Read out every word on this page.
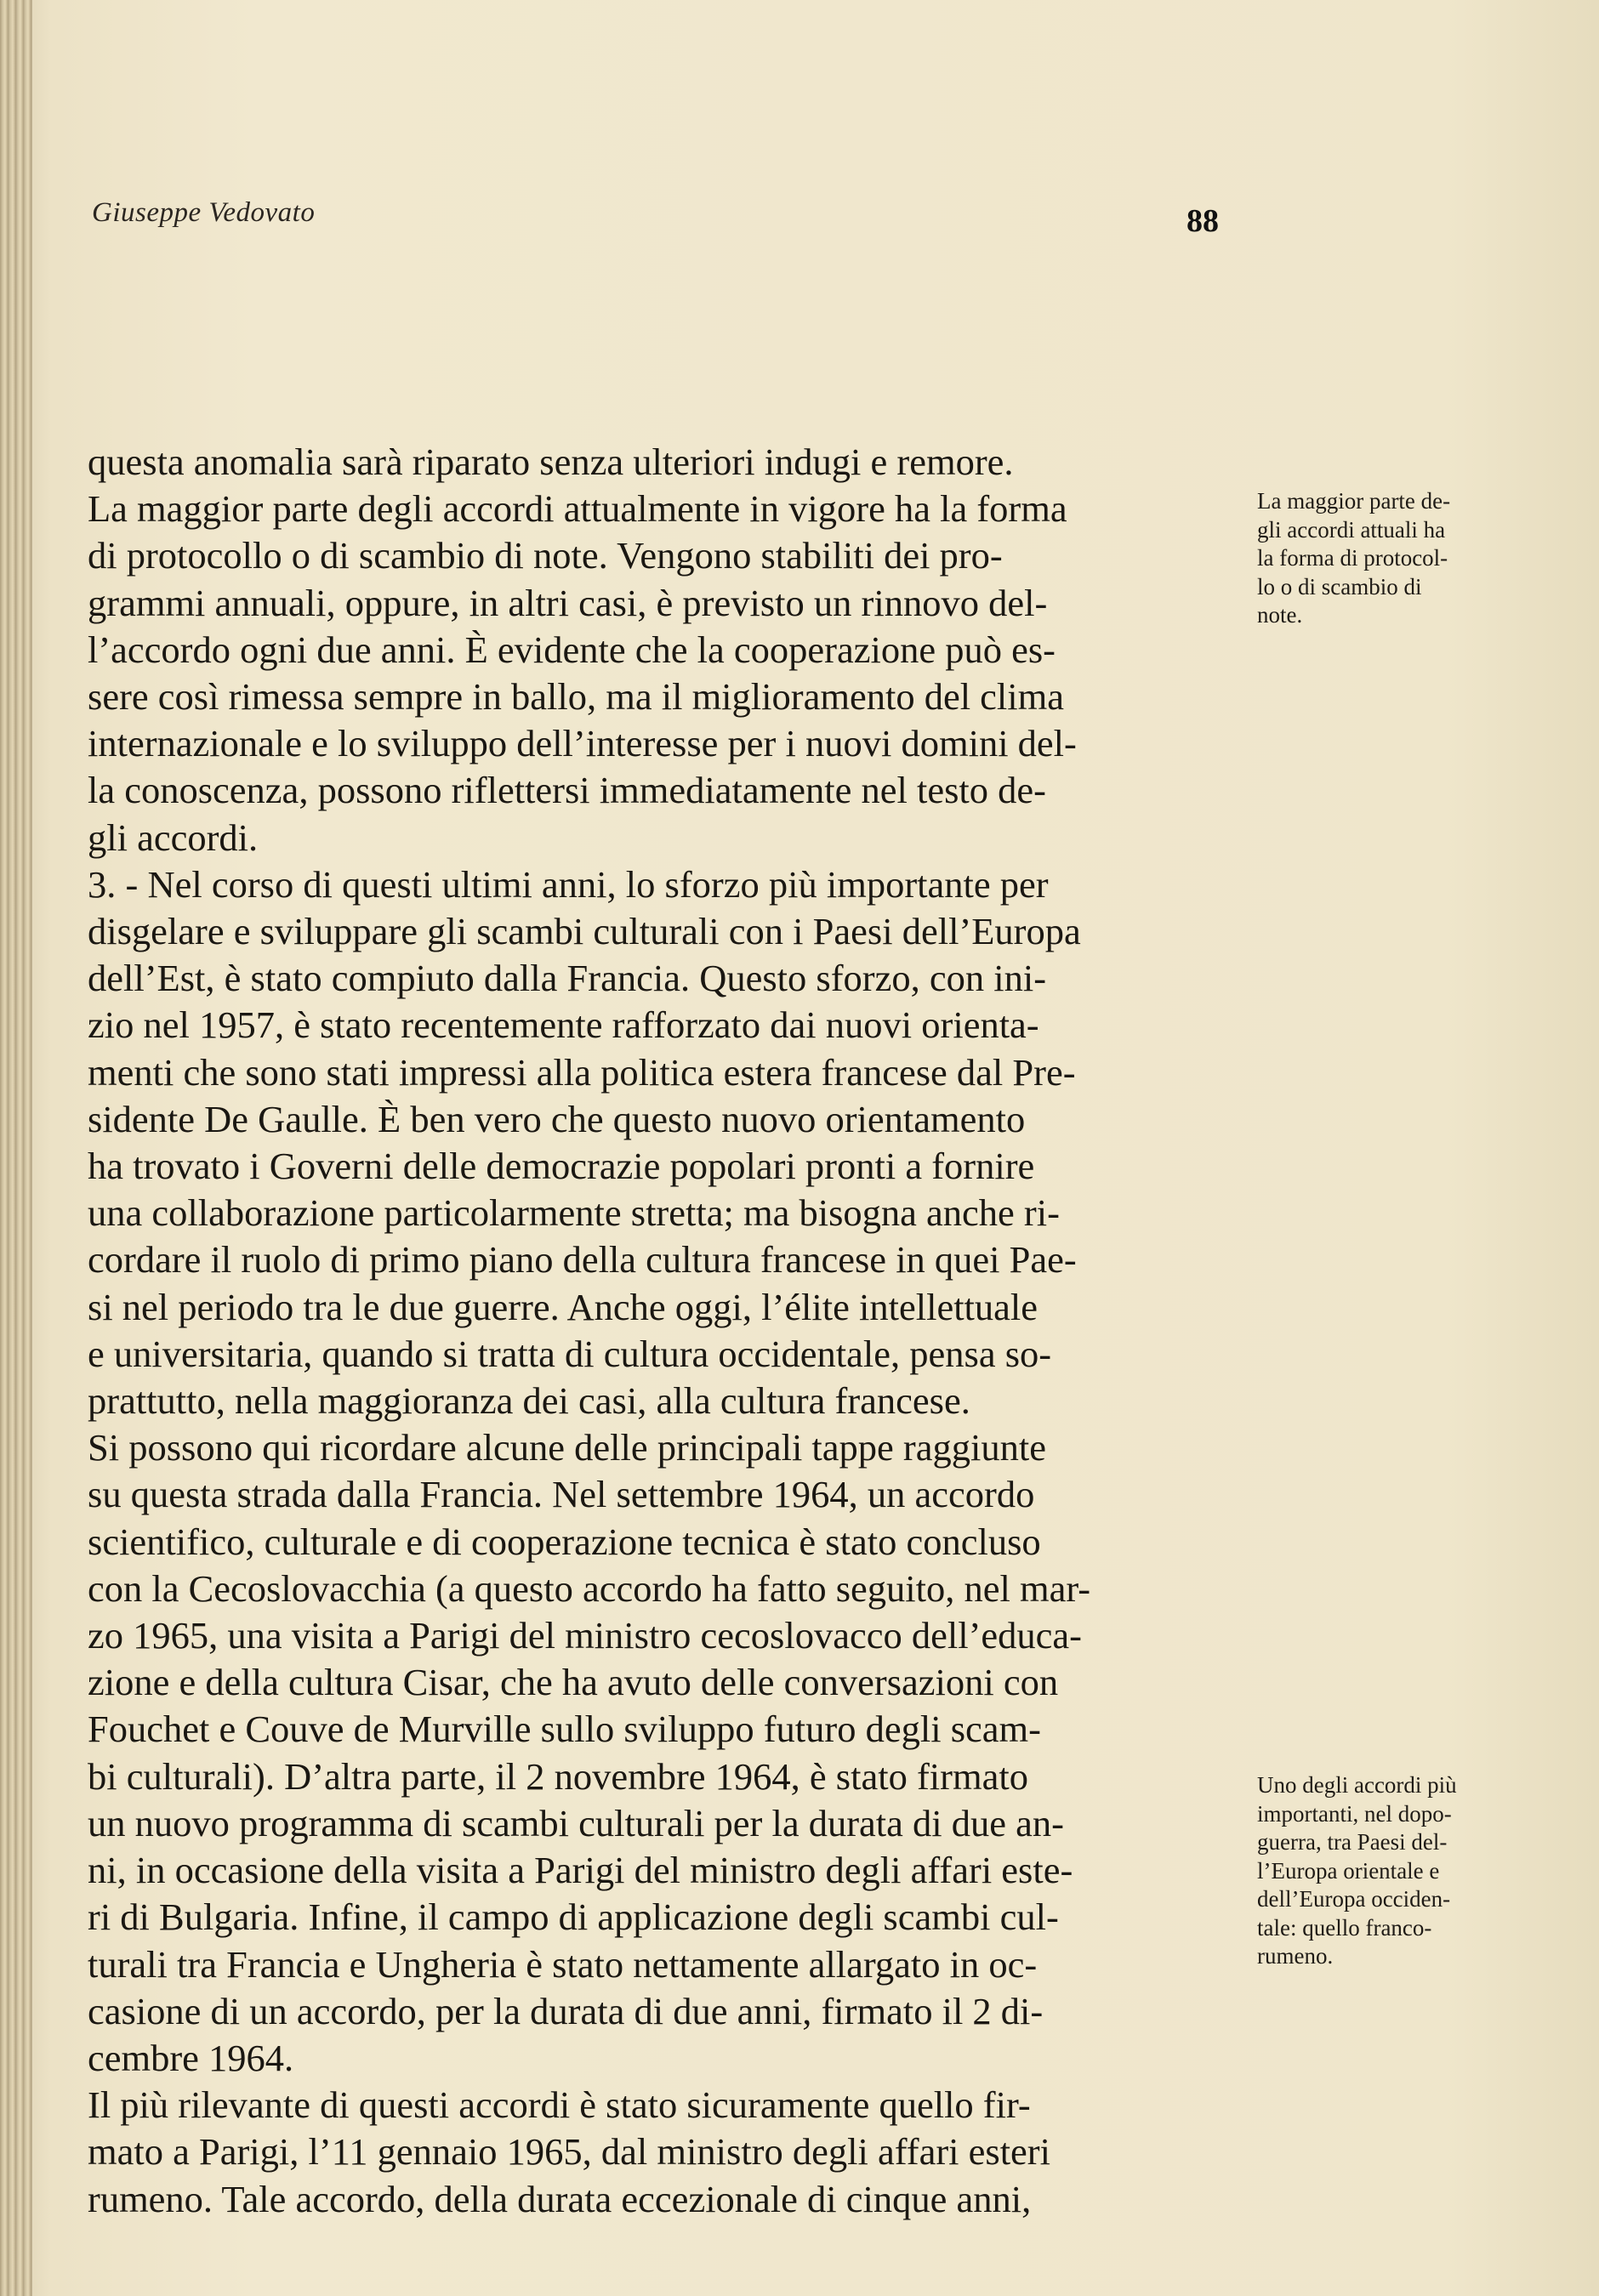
Giuseppe Vedovato	88
questa anomalia sarà riparato senza ulteriori indugi e remore.
La maggior parte degli accordi attualmente in vigore ha la forma
di protocollo o di scambio di note. Vengono stabiliti dei pro-
grammi annuali, oppure, in altri casi, è previsto un rinnovo del-
l’accordo ogni due anni. È evidente che la cooperazione può es-
sere così rimessa sempre in ballo, ma il miglioramento del clima
internazionale e lo sviluppo dell’interesse per i nuovi domini del-
la conoscenza, possono riflettersi immediatamente nel testo de-
gli accordi.
3. - Nel corso di questi ultimi anni, lo sforzo più importante per
disgelare e sviluppare gli scambi culturali con i Paesi dell’Europa
dell’Est, è stato compiuto dalla Francia. Questo sforzo, con ini-
zio nel 1957, è stato recentemente rafforzato dai nuovi orienta-
menti che sono stati impressi alla politica estera francese dal Pre-
sidente De Gaulle. È ben vero che questo nuovo orientamento
ha trovato i Governi delle democrazie popolari pronti a fornire
una collaborazione particolarmente stretta; ma bisogna anche ri-
cordare il ruolo di primo piano della cultura francese in quei Pae-
si nel periodo tra le due guerre. Anche oggi, l’élite intellettuale
e universitaria, quando si tratta di cultura occidentale, pensa so-
prattutto, nella maggioranza dei casi, alla cultura francese.
Si possono qui ricordare alcune delle principali tappe raggiunte
su questa strada dalla Francia. Nel settembre 1964, un accordo
scientifico, culturale e di cooperazione tecnica è stato concluso
con la Cecoslovacchia (a questo accordo ha fatto seguito, nel mar-
zo 1965, una visita a Parigi del ministro cecoslovacco dell’educa-
zione e della cultura Cisar, che ha avuto delle conversazioni con
Fouchet e Couve de Murville sullo sviluppo futuro degli scam-
bi culturali). D’altra parte, il 2 novembre 1964, è stato firmato
un nuovo programma di scambi culturali per la durata di due an-
ni, in occasione della visita a Parigi del ministro degli affari este-
ri di Bulgaria. Infine, il campo di applicazione degli scambi cul-
turali tra Francia e Ungheria è stato nettamente allargato in oc-
casione di un accordo, per la durata di due anni, firmato il 2 di-
cembre 1964.
Il più rilevante di questi accordi è stato sicuramente quello fir-
mato a Parigi, l’11 gennaio 1965, dal ministro degli affari esteri
rumeno. Tale accordo, della durata eccezionale di cinque anni,
La maggior parte de-
gli accordi attuali ha
la forma di protocol-
lo o di scambio di
note.
Uno degli accordi più
importanti, nel dopo-
guerra, tra Paesi del-
l’Europa orientale e
dell’Europa occiden-
tale: quello franco-
rumeno.
